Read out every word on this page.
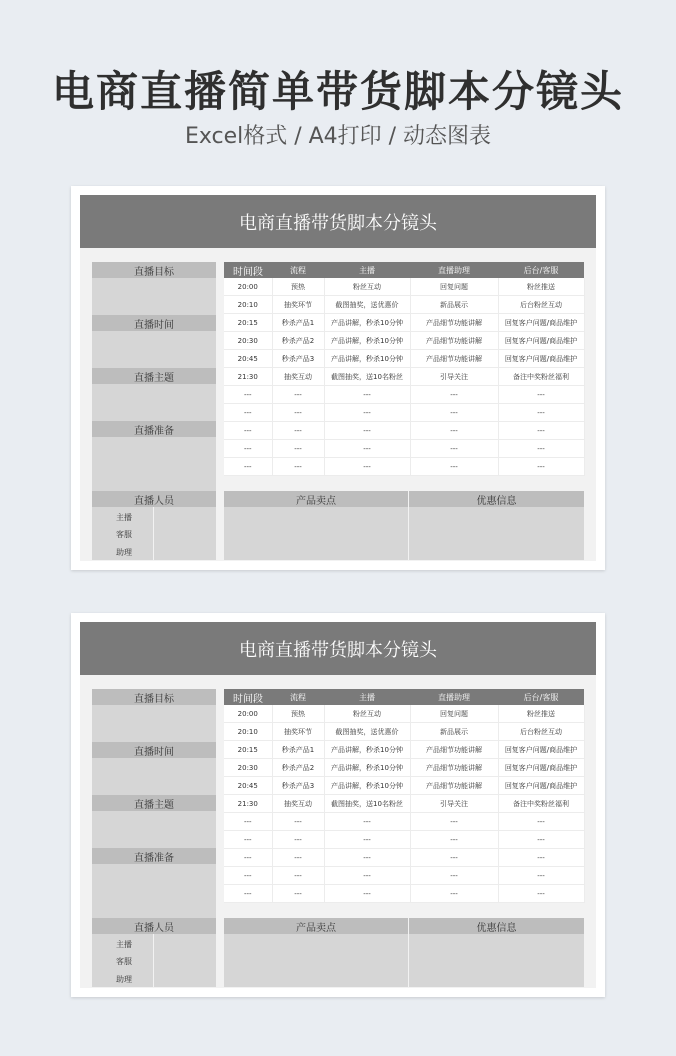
电商直播简单带货脚本分镜头
Excel格式 / A4打印 / 动态图表
电商直播带货脚本分镜头
直播目标
直播时间
直播主题
直播准备
时间段	流程	主播	直播助理	后台/客服
20:00	预热	粉丝互动	回复问题	粉丝推送
20:10	抽奖环节	截图抽奖，送优惠价	新品展示	后台粉丝互动
20:15	秒杀产品1	产品讲解，秒杀10分钟	产品细节功能讲解	回复客户问题/商品维护
20:30	秒杀产品2	产品讲解，秒杀10分钟	产品细节功能讲解	回复客户问题/商品维护
20:45	秒杀产品3	产品讲解，秒杀10分钟	产品细节功能讲解	回复客户问题/商品维护
21:30	抽奖互动	截图抽奖，送10名粉丝	引导关注	备注中奖粉丝福利
---	---	---	---	---
---	---	---	---	---
---	---	---	---	---
---	---	---	---	---
---	---	---	---	---
直播人员
主播
客服
助理
产品卖点	优惠信息
电商直播带货脚本分镜头
直播目标
直播时间
直播主题
直播准备
时间段	流程	主播	直播助理	后台/客服
20:00	预热	粉丝互动	回复问题	粉丝推送
20:10	抽奖环节	截图抽奖，送优惠价	新品展示	后台粉丝互动
20:15	秒杀产品1	产品讲解，秒杀10分钟	产品细节功能讲解	回复客户问题/商品维护
20:30	秒杀产品2	产品讲解，秒杀10分钟	产品细节功能讲解	回复客户问题/商品维护
20:45	秒杀产品3	产品讲解，秒杀10分钟	产品细节功能讲解	回复客户问题/商品维护
21:30	抽奖互动	截图抽奖，送10名粉丝	引导关注	备注中奖粉丝福利
---	---	---	---	---
---	---	---	---	---
---	---	---	---	---
---	---	---	---	---
---	---	---	---	---
直播人员
主播
客服
助理
产品卖点	优惠信息
